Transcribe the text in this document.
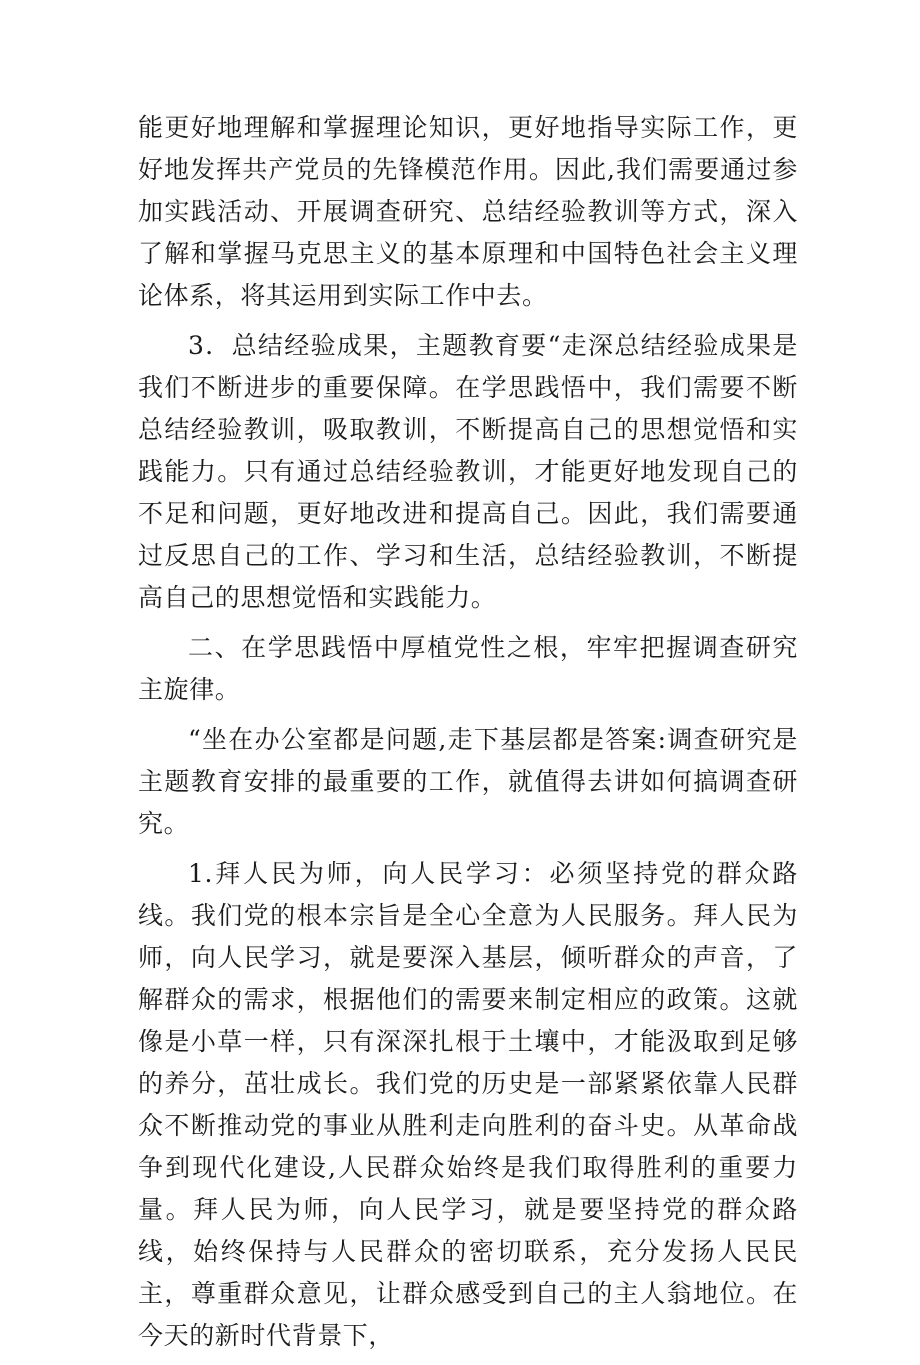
能更好地理解和掌握理论知识，更好地指导实际工作，更好地发挥共产党员的先锋模范作用。因此,我们需要通过参加实践活动、开展调查研究、总结经验教训等方式，深入了解和掌握马克思主义的基本原理和中国特色社会主义理论体系，将其运用到实际工作中去。

3．总结经验成果，主题教育要“走深总结经验成果是我们不断进步的重要保障。在学思践悟中，我们需要不断总结经验教训，吸取教训，不断提高自己的思想觉悟和实践能力。只有通过总结经验教训，才能更好地发现自己的不足和问题，更好地改进和提高自己。因此，我们需要通过反思自己的工作、学习和生活，总结经验教训，不断提高自己的思想觉悟和实践能力。

二、在学思践悟中厚植党性之根，牢牢把握调查研究主旋律。

“坐在办公室都是问题,走下基层都是答案:调查研究是主题教育安排的最重要的工作，就值得去讲如何搞调查研究。

1.拜人民为师，向人民学习：必须坚持党的群众路线。我们党的根本宗旨是全心全意为人民服务。拜人民为师，向人民学习，就是要深入基层，倾听群众的声音，了解群众的需求，根据他们的需要来制定相应的政策。这就像是小草一样，只有深深扎根于土壤中，才能汲取到足够的养分，茁壮成长。我们党的历史是一部紧紧依靠人民群众不断推动党的事业从胜利走向胜利的奋斗史。从革命战争到现代化建设,人民群众始终是我们取得胜利的重要力量。拜人民为师，向人民学习，就是要坚持党的群众路线，始终保持与人民群众的密切联系，充分发扬人民民主，尊重群众意见，让群众感受到自己的主人翁地位。在今天的新时代背景下，
